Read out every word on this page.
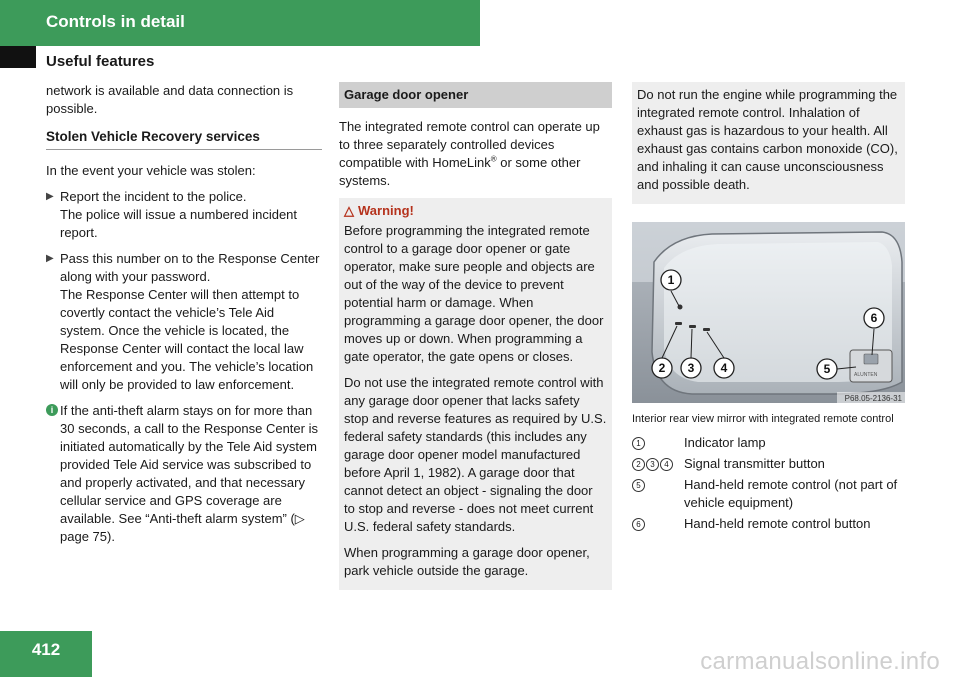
Controls in detail
Useful features

network is available and data connection is possible.

Stolen Vehicle Recovery services

In the event your vehicle was stolen:

▶ Report the incident to the police.
The police will issue a numbered incident report.
▶ Pass this number on to the Response Center along with your password.
The Response Center will then attempt to covertly contact the vehicle’s Tele Aid system. Once the vehicle is located, the Response Center will contact the local law enforcement and you. The vehicle’s location will only be provided to law enforcement.
i If the anti-theft alarm stays on for more than 30 seconds, a call to the Response Center is initiated automatically by the Tele Aid system provided Tele Aid service was subscribed to and properly activated, and that necessary cellular service and GPS coverage are available. See “Anti-theft alarm system” (▷ page 75).
Garage door opener

The integrated remote control can operate up to three separately controlled devices compatible with HomeLink® or some other systems.

△ Warning!

Before programming the integrated remote control to a garage door opener or gate operator, make sure people and objects are out of the way of the device to prevent potential harm or damage. When programming a garage door opener, the door moves up or down. When programming a gate operator, the gate opens or closes.

Do not use the integrated remote control with any garage door opener that lacks safety stop and reverse features as required by U.S. federal safety standards (this includes any garage door opener model manufactured before April 1, 1982). A garage door that cannot detect an object - signaling the door to stop and reverse - does not meet current U.S. federal safety standards.

When programming a garage door opener, park vehicle outside the garage.

Do not run the engine while programming the integrated remote control. Inhalation of exhaust gas is hazardous to your health. All exhaust gas contains carbon monoxide (CO), and inhaling it can cause unconsciousness and possible death.

ALUNTEN
1
2 3 4	5
6
P68.05-2136-31
Interior rear view mirror with integrated remote control
1	Indicator lamp
2 3 4	Signal transmitter button
5	Hand-held remote control (not part of vehicle equipment)
6	Hand-held remote control button
412	carmanualsonline.info
